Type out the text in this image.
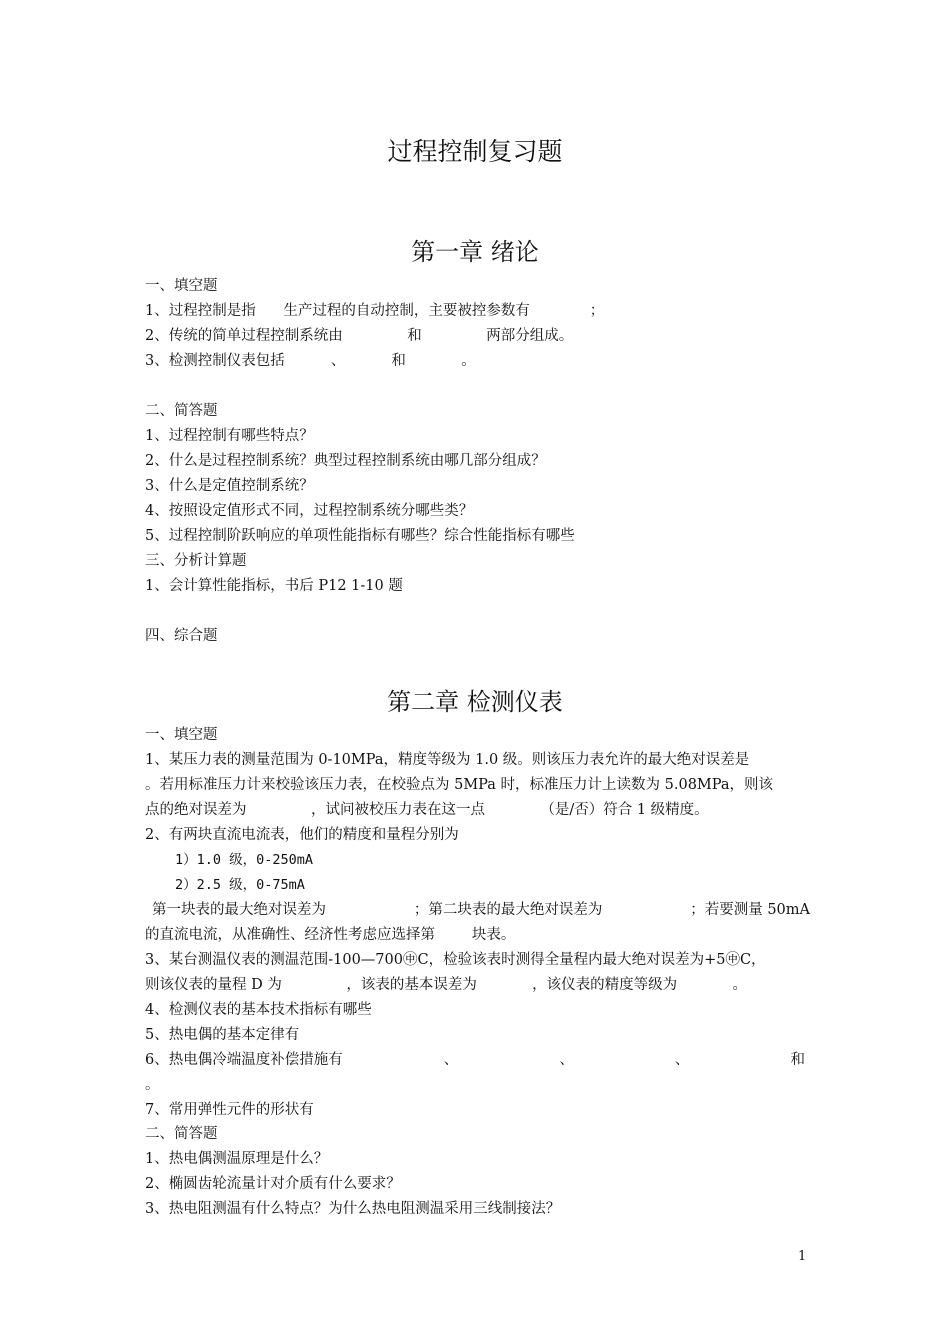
过程控制复习题
第一章 绪论
一、填空题
1、过程控制是指      生产过程的自动控制，主要被控参数有             ；
2、传统的简单过程控制系统由              和              两部分组成。
3、检测控制仪表包括          、          和            。
二、简答题
1、过程控制有哪些特点？
2、什么是过程控制系统？典型过程控制系统由哪几部分组成？
3、什么是定值控制系统？
4、按照设定值形式不同，过程控制系统分哪些类？
5、过程控制阶跃响应的单项性能指标有哪些？综合性能指标有哪些
三、分析计算题
1、会计算性能指标，书后 P12 1-10 题
四、综合题
第二章 检测仪表
一、填空题
1、某压力表的测量范围为 0-10MPa，精度等级为 1.0 级。则该压力表允许的最大绝对误差是
。若用标准压力计来校验该压力表，在校验点为 5MPa 时，标准压力计上读数为 5.08MPa，则该
点的绝对误差为              ，试问被校压力表在这一点            （是/否）符合 1 级精度。
2、有两块直流电流表，他们的精度和量程分别为
1）1.0 级，0-250mA
2）2.5 级，0-75mA
第一块表的最大绝对误差为	；第二块表的最大绝对误差为	；若要测量 50mA
的直流电流，从准确性、经济性考虑应选择第        块表。
3、某台测温仪表的测温范围-100—700㊥C，检验该表时测得全量程内最大绝对误差为+5㊥C，
则该仪表的量程 D 为              ，该表的基本误差为            ，该仪表的精度等级为            。
4、检测仪表的基本技术指标有哪些
5、热电偶的基本定律有
6、热电偶冷端温度补偿措施有	、	、	、	和
。
7、常用弹性元件的形状有
二、简答题
1、热电偶测温原理是什么？
2、椭圆齿轮流量计对介质有什么要求？
3、热电阻测温有什么特点？为什么热电阻测温采用三线制接法？
1
